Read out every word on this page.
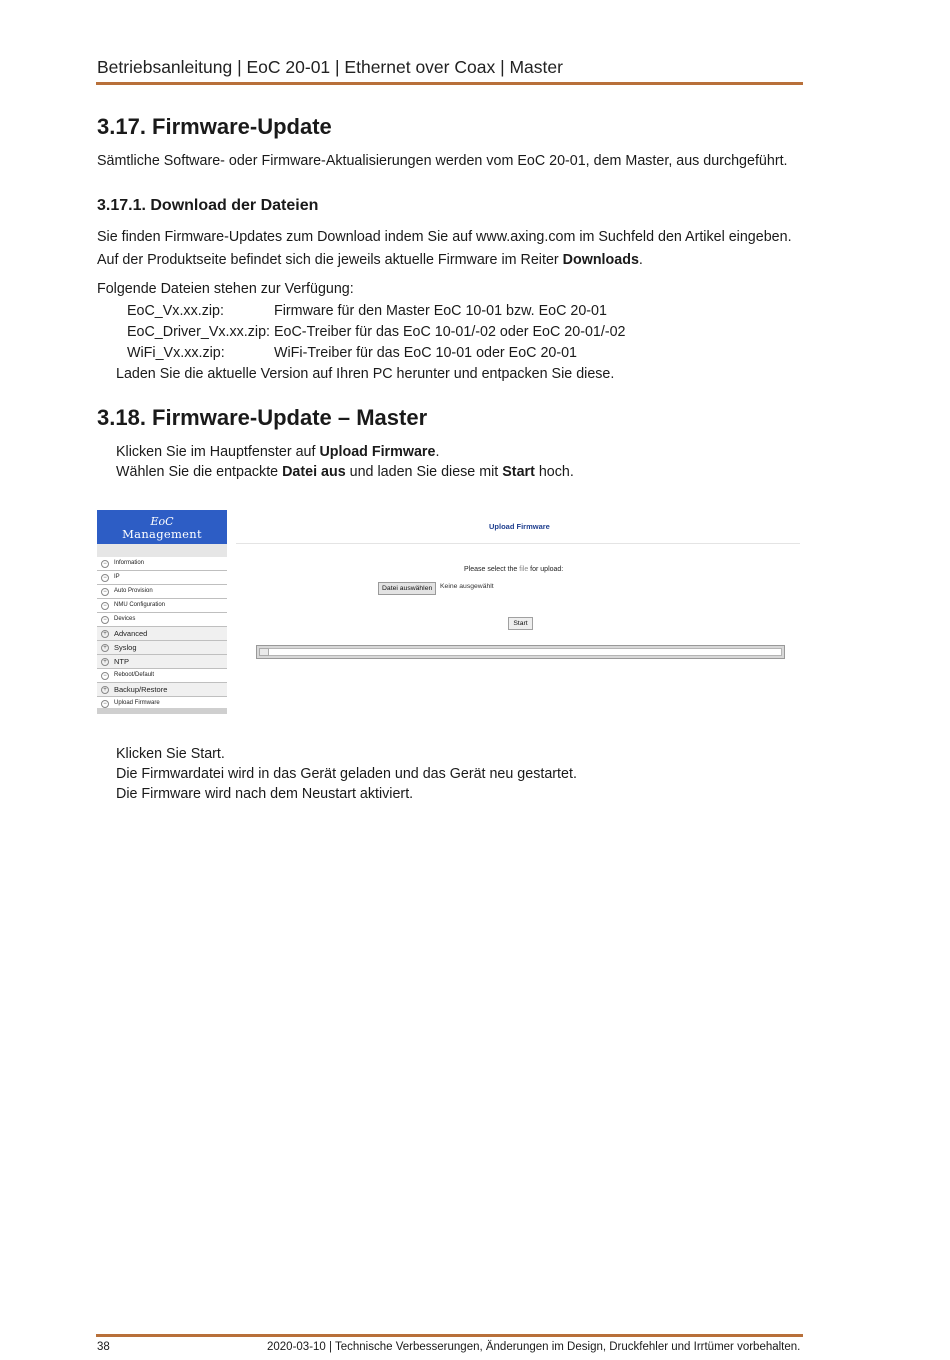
Betriebsanleitung | EoC 20-01 | Ethernet over Coax | Master
3.17. Firmware-Update
Sämtliche Software- oder Firmware-Aktualisierungen werden vom EoC 20-01, dem Master, aus durchgeführt.
3.17.1. Download der Dateien
Sie finden Firmware-Updates zum Download indem Sie auf www.axing.com im Suchfeld den Artikel eingeben.
Auf der Produktseite befindet sich die jeweils aktuelle Firmware im Reiter Downloads.
Folgende Dateien stehen zur Verfügung:
EoC_Vx.xx.zip:	Firmware für den Master EoC 10-01 bzw. EoC 20-01
EoC_Driver_Vx.xx.zip: EoC-Treiber für das EoC 10-01/-02 oder EoC 20-01/-02
WiFi_Vx.xx.zip:	WiFi-Treiber für das EoC 10-01 oder EoC 20-01
Laden Sie die aktuelle Version auf Ihren PC herunter und entpacken Sie diese.
3.18. Firmware-Update – Master
Klicken Sie im Hauptfenster auf Upload Firmware.
Wählen Sie die entpackte Datei aus und laden Sie diese mit Start hoch.
EoC
Management
−	Information
−	IP
−	Auto Provision
−	NMU Configuration
−	Devices
+ Advanced
+ Syslog
+ NTP
−	Reboot/Default
+ Backup/Restore
−	Upload Firmware
Upload Firmware
Please select the file for upload:
Datei auswählen	Keine ausgewählt
Start
Klicken Sie Start.
Die Firmwardatei wird in das Gerät geladen und das Gerät neu gestartet.
Die Firmware wird nach dem Neustart aktiviert.
38	2020-03-10 | Technische Verbesserungen, Änderungen im Design, Druckfehler und Irrtümer vorbehalten.
